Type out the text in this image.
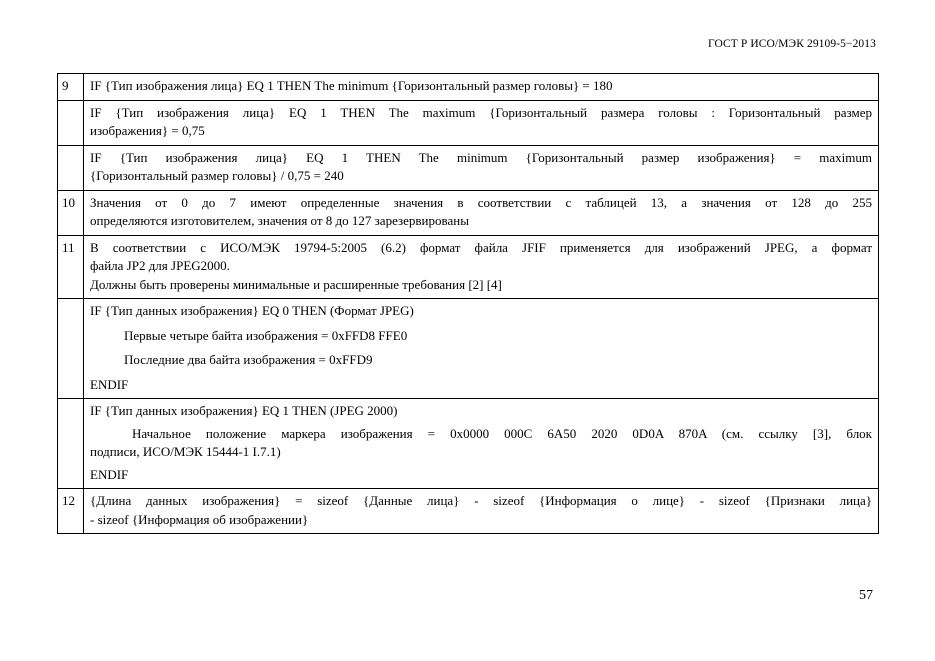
ГОСТ Р ИСО/МЭК 29109-5−2013
9	IF {Тип изображения лица} EQ 1 THEN The minimum {Горизонтальный размер головы} = 180

	IF {Тип изображения лица} EQ 1 THEN The maximum {Горизонтальный размера головы : Горизонтальный размер
изображения} = 0,75

	IF {Тип изображения лица} EQ 1 THEN The minimum {Горизонтальный размер изображения} = maximum
{Горизонтальный размер головы} / 0,75 = 240

10	Значения от 0 до 7 имеют определенные значения в соответствии с таблицей 13, а значения от 128 до 255
определяются изготовителем, значения от 8 до 127 зарезервированы

11	В соответствии с ИСО/МЭК 19794-5:2005 (6.2) формат файла JFIF применяется для изображений JPEG, а формат
файла JP2 для JPEG2000.
Должны быть проверены минимальные и расширенные требования [2] [4]

	IF {Тип данных изображения} EQ 0 THEN (Формат JPEG)
Первые четыре байта изображения = 0xFFD8 FFE0
Последние два байта изображения = 0xFFD9
ENDIF

	IF {Тип данных изображения} EQ 1 THEN (JPEG 2000)
Начальное положение маркера изображения = 0x0000 000C 6A50 2020 0D0A 870A (см. ссылку [3], блок
подписи, ИСО/МЭК 15444-1 I.7.1)
ENDIF

12	{Длина данных изображения} = sizeof {Данные лица} - sizeof {Информация о лице} - sizeof {Признаки лица}
- sizeof {Информация об изображении}
57
